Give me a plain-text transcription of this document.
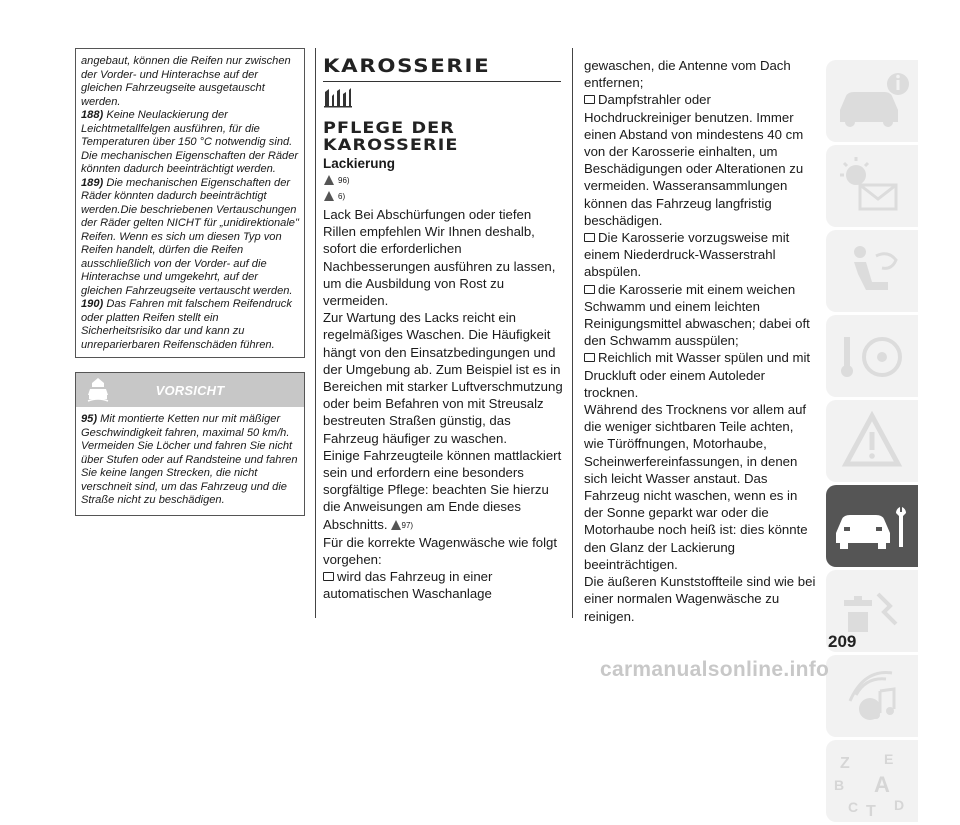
angebaut, können die Reifen nur zwischen der Vorder- und Hinterachse auf der gleichen Fahrzeugseite ausgetauscht werden.

188) Keine Neulackierung der Leichtmetallfelgen ausführen, für die Temperaturen über 150 °C notwendig sind. Die mechanischen Eigenschaften der Räder könnten dadurch beeinträchtigt werden.

189) Die mechanischen Eigenschaften der Räder könnten dadurch beeinträchtigt werden.Die beschriebenen Vertauschungen der Räder gelten NICHT für „unidirektionale" Reifen. Wenn es sich um diesen Typ von Reifen handelt, dürfen die Reifen ausschließlich von der Vorder- auf die Hinterachse und umgekehrt, auf der gleichen Fahrzeugseite vertauscht werden.

190) Das Fahren mit falschem Reifendruck oder platten Reifen stellt ein Sicherheitsrisiko dar und kann zu unreparierbaren Reifenschäden führen.

VORSICHT
95) Mit montierte Ketten nur mit mäßiger Geschwindigkeit fahren, maximal 50 km/h. Vermeiden Sie Löcher und fahren Sie nicht über Stufen oder auf Randsteine und fahren Sie keine langen Strecken, die nicht verschneit sind, um das Fahrzeug und die Straße nicht zu beschädigen.
KAROSSERIE
PFLEGE DER
KAROSSERIE
Lackierung
96)
6)

Lack Bei Abschürfungen oder tiefen Rillen empfehlen Wir Ihnen deshalb, sofort die erforderlichen Nachbesserungen ausführen zu lassen, um die Ausbildung von Rost zu vermeiden.

Zur Wartung des Lacks reicht ein regelmäßiges Waschen. Die Häufigkeit hängt von den Einsatzbedingungen und der Umgebung ab. Zum Beispiel ist es in Bereichen mit starker Luftverschmutzung oder beim Befahren von mit Streusalz bestreuten Straßen günstig, das Fahrzeug häufiger zu waschen.

Einige Fahrzeugteile können mattlackiert sein und erfordern eine besonders sorgfältige Pflege: beachten Sie hierzu die Anweisungen am Ende dieses Abschnitts. 97)

Für die korrekte Wagenwäsche wie folgt vorgehen:

wird das Fahrzeug in einer automatischen Waschanlage

gewaschen, die Antenne vom Dach entfernen;

Dampfstrahler oder Hochdruckreiniger benutzen. Immer einen Abstand von mindestens 40 cm von der Karosserie einhalten, um Beschädigungen oder Alterationen zu vermeiden. Wasseransammlungen können das Fahrzeug langfristig beschädigen.

Die Karosserie vorzugsweise mit einem Niederdruck-Wasserstrahl abspülen.

die Karosserie mit einem weichen Schwamm und einem leichten Reinigungsmittel abwaschen; dabei oft den Schwamm ausspülen;

Reichlich mit Wasser spülen und mit Druckluft oder einem Autoleder trocknen.

Während des Trocknens vor allem auf die weniger sichtbaren Teile achten, wie Türöffnungen, Motorhaube, Scheinwerfereinfassungen, in denen sich leicht Wasser anstaut. Das Fahrzeug nicht waschen, wenn es in der Sonne geparkt war oder die Motorhaube noch heiß ist: dies könnte den Glanz der Lackierung beeinträchtigen.

Die äußeren Kunststoffteile sind wie bei einer normalen Wagenwäsche zu reinigen.

Z E
B A
C T D
209
carmanualsonline.info
